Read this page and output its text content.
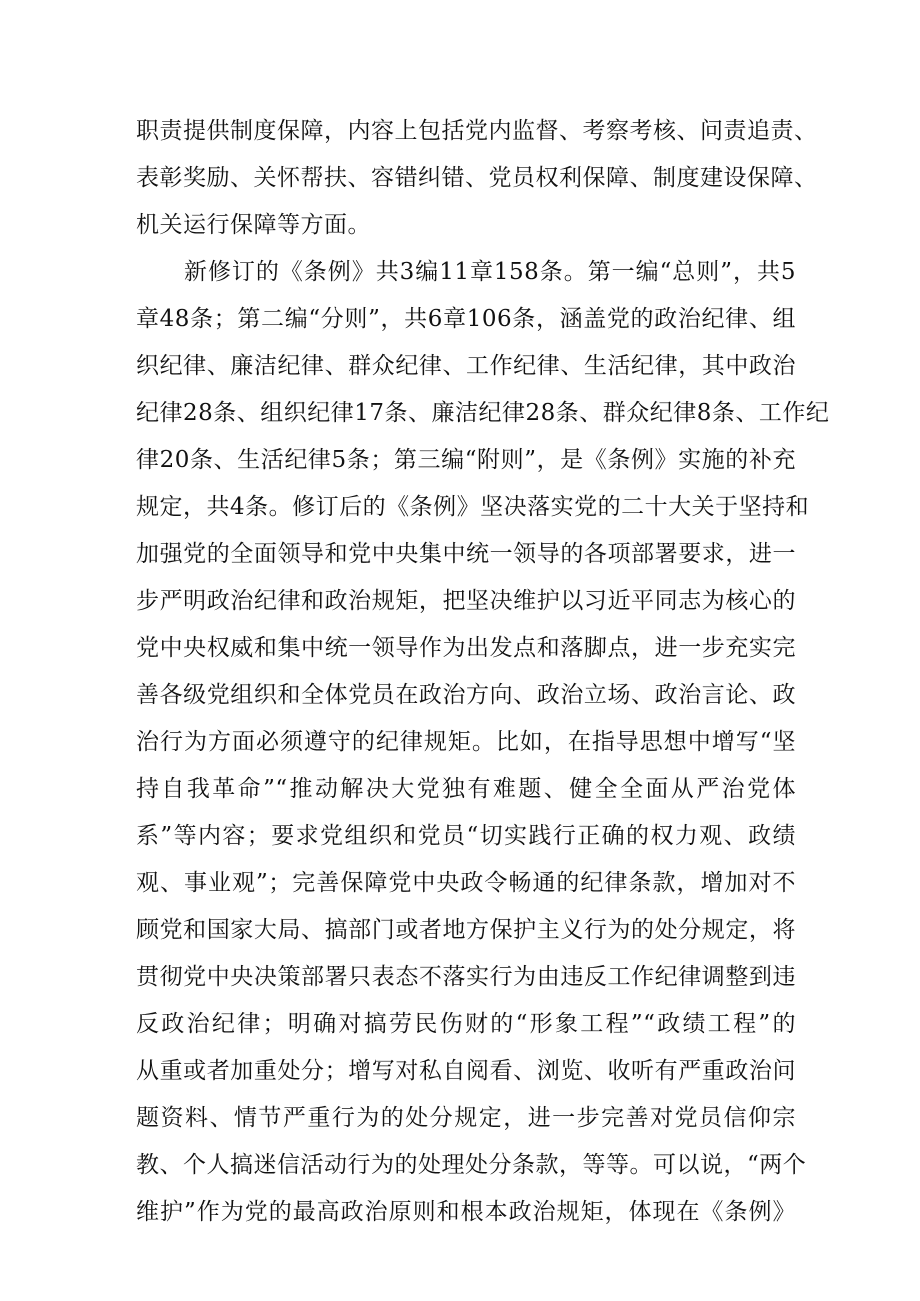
职责提供制度保障，内容上包括党内监督、考察考核、问责追责、
表彰奖励、关怀帮扶、容错纠错、党员权利保障、制度建设保障、
机关运行保障等方面。
新修订的《条例》共3编11章158条。第一编“总则”，共5
章48条；第二编“分则”，共6章106条，涵盖党的政治纪律、组
织纪律、廉洁纪律、群众纪律、工作纪律、生活纪律，其中政治
纪律28条、组织纪律17条、廉洁纪律28条、群众纪律8条、工作纪
律20条、生活纪律5条；第三编“附则”，是《条例》实施的补充
规定，共4条。修订后的《条例》坚决落实党的二十大关于坚持和
加强党的全面领导和党中央集中统一领导的各项部署要求，进一
步严明政治纪律和政治规矩，把坚决维护以习近平同志为核心的
党中央权威和集中统一领导作为出发点和落脚点，进一步充实完
善各级党组织和全体党员在政治方向、政治立场、政治言论、政
治行为方面必须遵守的纪律规矩。比如，在指导思想中增写“坚
持自我革命”“推动解决大党独有难题、健全全面从严治党体
系”等内容；要求党组织和党员“切实践行正确的权力观、政绩
观、事业观”；完善保障党中央政令畅通的纪律条款，增加对不
顾党和国家大局、搞部门或者地方保护主义行为的处分规定，将
贯彻党中央决策部署只表态不落实行为由违反工作纪律调整到违
反政治纪律；明确对搞劳民伤财的“形象工程”“政绩工程”的
从重或者加重处分；增写对私自阅看、浏览、收听有严重政治问
题资料、情节严重行为的处分规定，进一步完善对党员信仰宗
教、个人搞迷信活动行为的处理处分条款，等等。可以说，“两个
维护”作为党的最高政治原则和根本政治规矩，体现在《条例》
